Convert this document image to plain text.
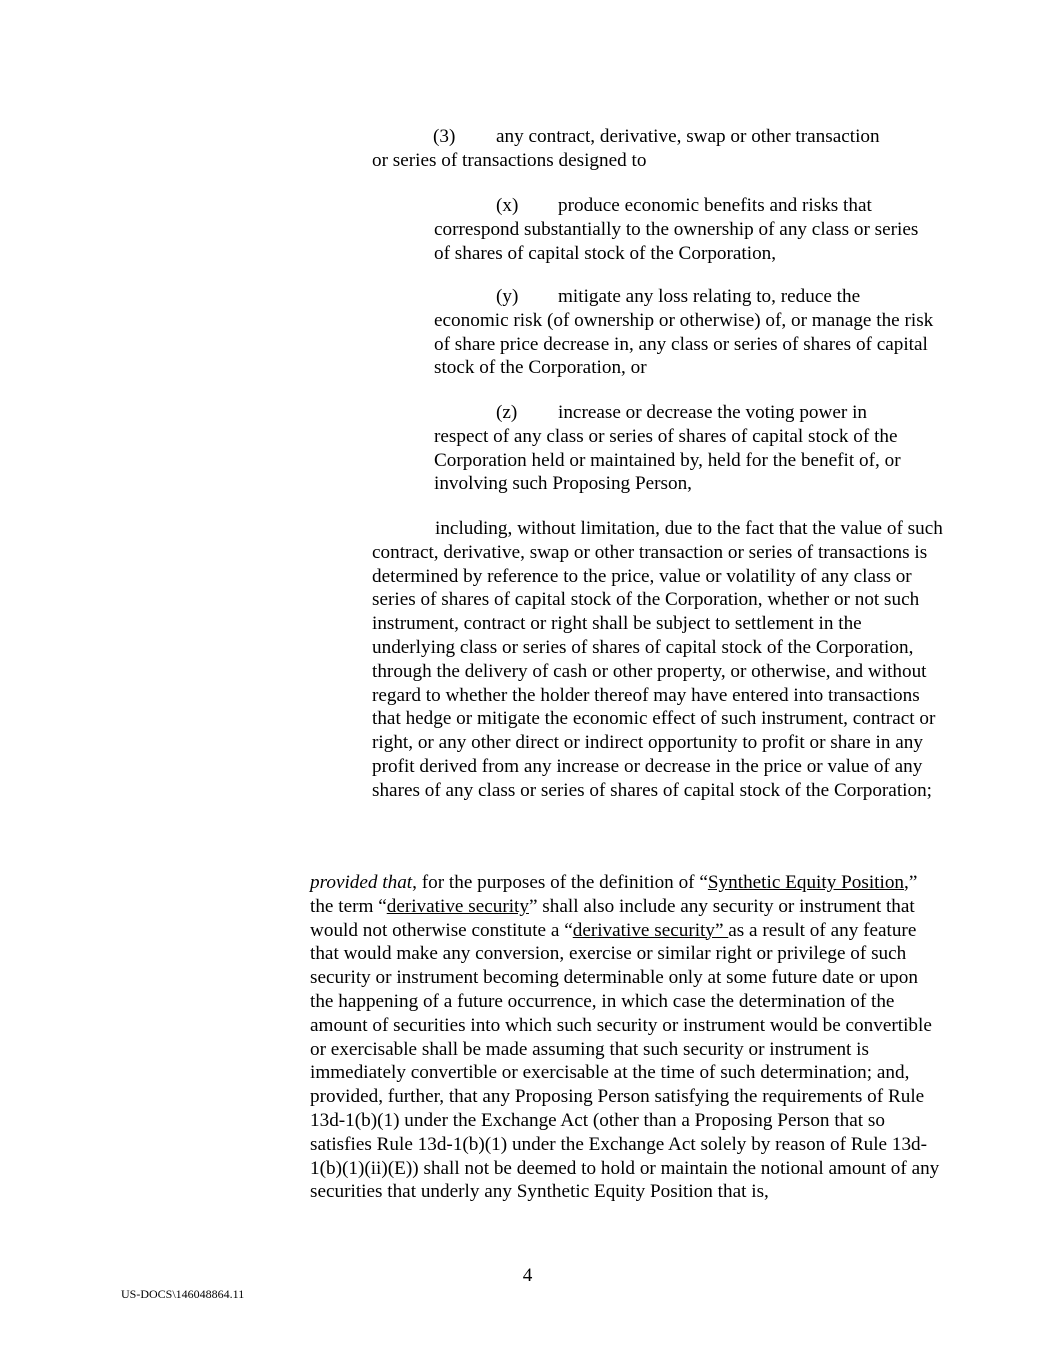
(3) any contract, derivative, swap or other transaction
or series of transactions designed to

(x) produce economic benefits and risks that
correspond substantially to the ownership of any class or series of shares of capital stock of the Corporation,

(y) mitigate any loss relating to, reduce the
economic risk (of ownership or otherwise) of, or manage the risk of share price decrease in, any class or series of shares of capital stock of the Corporation, or

(z) increase or decrease the voting power in
respect of any class or series of shares of capital stock of the Corporation held or maintained by, held for the benefit of, or involving such Proposing Person,

including, without limitation, due to the fact that the value of such contract, derivative, swap or other transaction or series of transactions is determined by reference to the price, value or volatility of any class or series of shares of capital stock of the Corporation, whether or not such instrument, contract or right shall be subject to settlement in the underlying class or series of shares of capital stock of the Corporation, through the delivery of cash or other property, or otherwise, and without regard to whether the holder thereof may have entered into transactions that hedge or mitigate the economic effect of such instrument, contract or right, or any other direct or indirect opportunity to profit or share in any profit derived from any increase or decrease in the price or value of any shares of any class or series of shares of capital stock of the Corporation;

provided that, for the purposes of the definition of “Synthetic Equity Position,” the term “derivative security” shall also include any security or instrument that would not otherwise constitute a “derivative security” as a result of any feature that would make any conversion, exercise or similar right or privilege of such security or instrument becoming determinable only at some future date or upon the happening of a future occurrence, in which case the determination of the amount of securities into which such security or instrument would be convertible or exercisable shall be made assuming that such security or instrument is immediately convertible or exercisable at the time of such determination; and, provided, further, that any Proposing Person satisfying the requirements of Rule 13d-1(b)(1) under the Exchange Act (other than a Proposing Person that so satisfies Rule 13d-1(b)(1) under the Exchange Act solely by reason of Rule 13d-1(b)(1)(ii)(E)) shall not be deemed to hold or maintain the notional amount of any securities that underly any Synthetic Equity Position that is,

4
US-DOCS\146048864.11
